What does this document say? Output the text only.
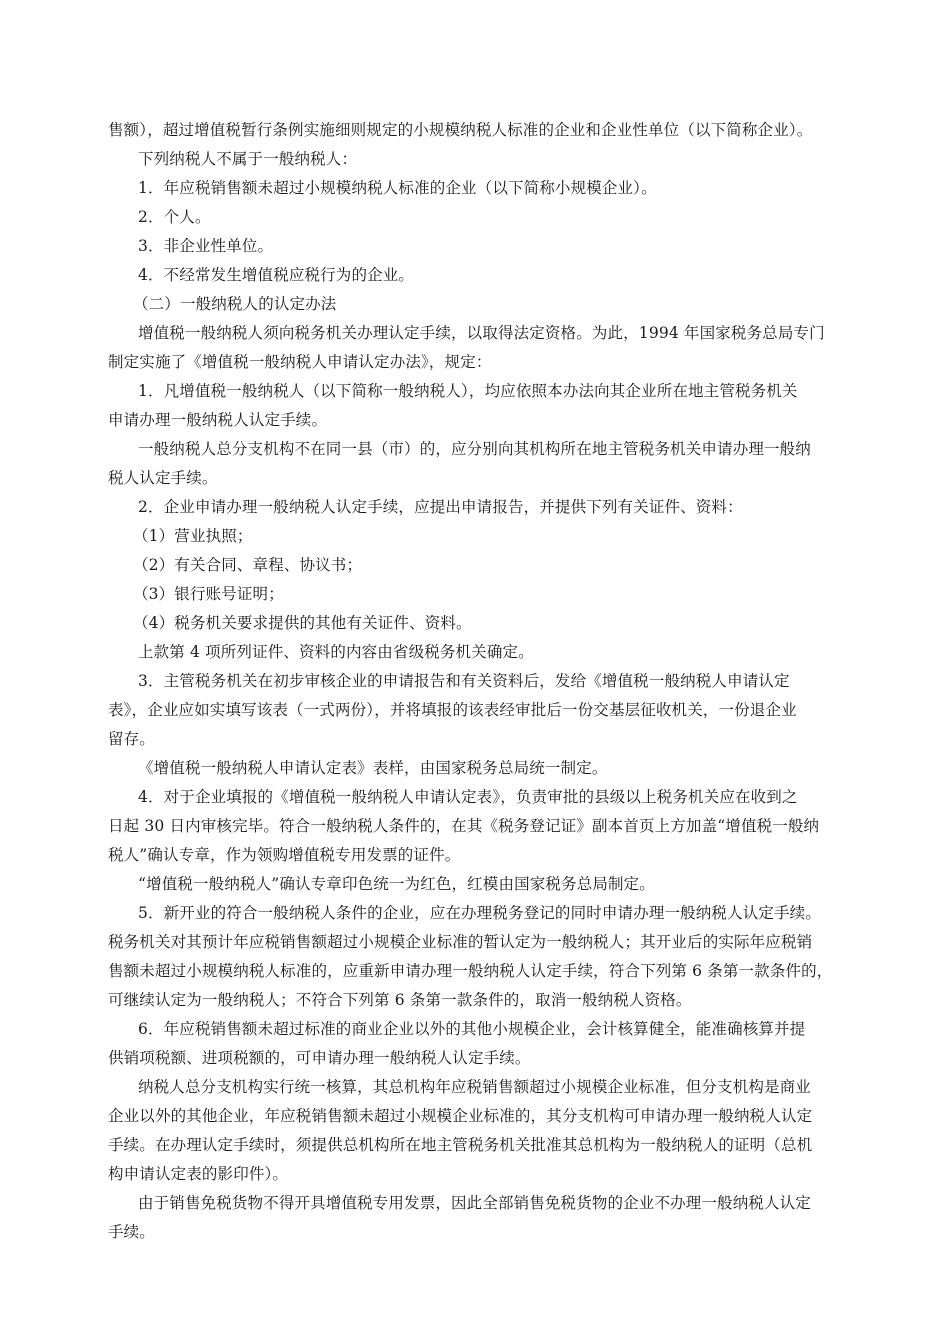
售额），超过增值税暂行条例实施细则规定的小规模纳税人标准的企业和企业性单位（以下简称企业）。
下列纳税人不属于一般纳税人：
1．年应税销售额未超过小规模纳税人标准的企业（以下简称小规模企业）。
2．个人。
3．非企业性单位。
4．不经常发生增值税应税行为的企业。
（二）一般纳税人的认定办法
增值税一般纳税人须向税务机关办理认定手续，以取得法定资格。为此，1994 年国家税务总局专门
制定实施了《增值税一般纳税人申请认定办法》，规定：
1．凡增值税一般纳税人（以下简称一般纳税人），均应依照本办法向其企业所在地主管税务机关
申请办理一般纳税人认定手续。
一般纳税人总分支机构不在同一县（市）的，应分别向其机构所在地主管税务机关申请办理一般纳
税人认定手续。
2．企业申请办理一般纳税人认定手续，应提出申请报告，并提供下列有关证件、资料：
（1）营业执照；
（2）有关合同、章程、协议书；
（3）银行账号证明；
（4）税务机关要求提供的其他有关证件、资料。
上款第 4 项所列证件、资料的内容由省级税务机关确定。
3．主管税务机关在初步审核企业的申请报告和有关资料后，发给《增值税一般纳税人申请认定
表》，企业应如实填写该表（一式两份），并将填报的该表经审批后一份交基层征收机关，一份退企业
留存。
《增值税一般纳税人申请认定表》表样，由国家税务总局统一制定。
4．对于企业填报的《增值税一般纳税人申请认定表》，负责审批的县级以上税务机关应在收到之
日起 30 日内审核完毕。符合一般纳税人条件的，在其《税务登记证》副本首页上方加盖“增值税一般纳
税人”确认专章，作为领购增值税专用发票的证件。
“增值税一般纳税人”确认专章印色统一为红色，红模由国家税务总局制定。
5．新开业的符合一般纳税人条件的企业，应在办理税务登记的同时申请办理一般纳税人认定手续。
税务机关对其预计年应税销售额超过小规模企业标准的暂认定为一般纳税人；其开业后的实际年应税销
售额未超过小规模纳税人标准的，应重新申请办理一般纳税人认定手续，符合下列第 6 条第一款条件的，
可继续认定为一般纳税人；不符合下列第 6 条第一款条件的，取消一般纳税人资格。
6．年应税销售额未超过标准的商业企业以外的其他小规模企业，会计核算健全，能准确核算并提
供销项税额、进项税额的，可申请办理一般纳税人认定手续。
纳税人总分支机构实行统一核算，其总机构年应税销售额超过小规模企业标准，但分支机构是商业
企业以外的其他企业，年应税销售额未超过小规模企业标准的，其分支机构可申请办理一般纳税人认定
手续。在办理认定手续时，须提供总机构所在地主管税务机关批准其总机构为一般纳税人的证明（总机
构申请认定表的影印件）。
由于销售免税货物不得开具增值税专用发票，因此全部销售免税货物的企业不办理一般纳税人认定
手续。
